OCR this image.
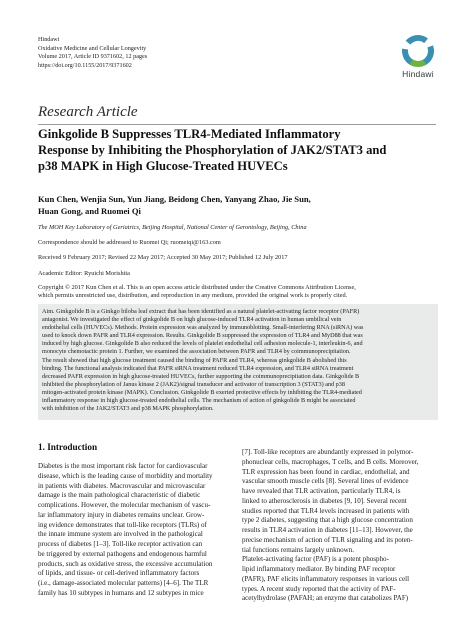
Hindawi
Oxidative Medicine and Cellular Longevity
Volume 2017, Article ID 9371602, 12 pages
https://doi.org/10.1155/2017/9371602
Hindawi
Research Article
Ginkgolide B Suppresses TLR4-Mediated Inflammatory
Response by Inhibiting the Phosphorylation of JAK2/STAT3 and
p38 MAPK in High Glucose-Treated HUVECs
Kun Chen, Wenjia Sun, Yun Jiang, Beidong Chen, Yanyang Zhao, Jie Sun,
Huan Gong, and Ruomei Qi
The MOH Key Laboratory of Geriatrics, Beijing Hospital, National Center of Gerontology, Beijing, China
Correspondence should be addressed to Ruomei Qi; ruomeiqi@163.com
Received 9 February 2017; Revised 22 May 2017; Accepted 30 May 2017; Published 12 July 2017
Academic Editor: Ryuichi Morishita
Copyright © 2017 Kun Chen et al. This is an open access article distributed under the Creative Commons Attribution License,
which permits unrestricted use, distribution, and reproduction in any medium, provided the original work is properly cited.
Aim. Ginkgolide B is a Ginkgo biloba leaf extract that has been identified as a natural platelet-activating factor receptor (PAFR)
antagonist. We investigated the effect of ginkgolide B on high glucose-induced TLR4 activation in human umbilical vein
endothelial cells (HUVECs). Methods. Protein expression was analyzed by immunoblotting. Small-interfering RNA (siRNA) was
used to knock down PAFR and TLR4 expression. Results. Ginkgolide B suppressed the expression of TLR4 and MyD88 that was
induced by high glucose. Ginkgolide B also reduced the levels of platelet endothelial cell adhesion molecule-1, interleukin-6, and
monocyte chemotactic protein 1. Further, we examined the association between PAFR and TLR4 by coimmunoprecipitation.
The result showed that high glucose treatment caused the binding of PAFR and TLR4, whereas ginkgolide B abolished this
binding. The functional analysis indicated that PAFR siRNA treatment reduced TLR4 expression, and TLR4 siRNA treatment
decreased PAFR expression in high glucose-treated HUVECs, further supporting the coimmunoprecipitation data. Ginkgolide B
inhibited the phosphorylation of Janus kinase 2 (JAK2)/signal transducer and activator of transcription 3 (STAT3) and p38
mitogen-activated protein kinase (MAPK). Conclusion. Ginkgolide B exerted protective effects by inhibiting the TLR4-mediated
inflammatory response in high glucose-treated endothelial cells. The mechanism of action of ginkgolide B might be associated
with inhibition of the JAK2/STAT3 and p38 MAPK phosphorylation.
1. Introduction
Diabetes is the most important risk factor for cardiovascular
disease, which is the leading cause of morbidity and mortality
in patients with diabetes. Macrovascular and microvascular
damage is the main pathological characteristic of diabetic
complications. However, the molecular mechanism of vascu-
lar inflammatory injury in diabetes remains unclear. Grow-
ing evidence demonstrates that toll-like receptors (TLRs) of
the innate immune system are involved in the pathological
process of diabetes [1–3]. Toll-like receptor activation can
be triggered by external pathogens and endogenous harmful
products, such as oxidative stress, the excessive accumulation
of lipids, and tissue- or cell-derived inflammatory factors
(i.e., damage-associated molecular patterns) [4–6]. The TLR
family has 10 subtypes in humans and 12 subtypes in mice
[7]. Toll-like receptors are abundantly expressed in polymor-
phonuclear cells, macrophages, T cells, and B cells. Moreover,
TLR expression has been found in cardiac, endothelial, and
vascular smooth muscle cells [8]. Several lines of evidence
have revealed that TLR activation, particularly TLR4, is
linked to atherosclerosis in diabetes [9, 10]. Several recent
studies reported that TLR4 levels increased in patients with
type 2 diabetes, suggesting that a high glucose concentration
results in TLR4 activation in diabetes [11–13]. However, the
precise mechanism of action of TLR signaling and its poten-
tial functions remains largely unknown.
Platelet-activating factor (PAF) is a potent phospho-
lipid inflammatory mediator. By binding PAF receptor
(PAFR), PAF elicits inflammatory responses in various cell
types. A recent study reported that the activity of PAF-
acetylhydrolase (PAFAH; an enzyme that catabolizes PAF)
